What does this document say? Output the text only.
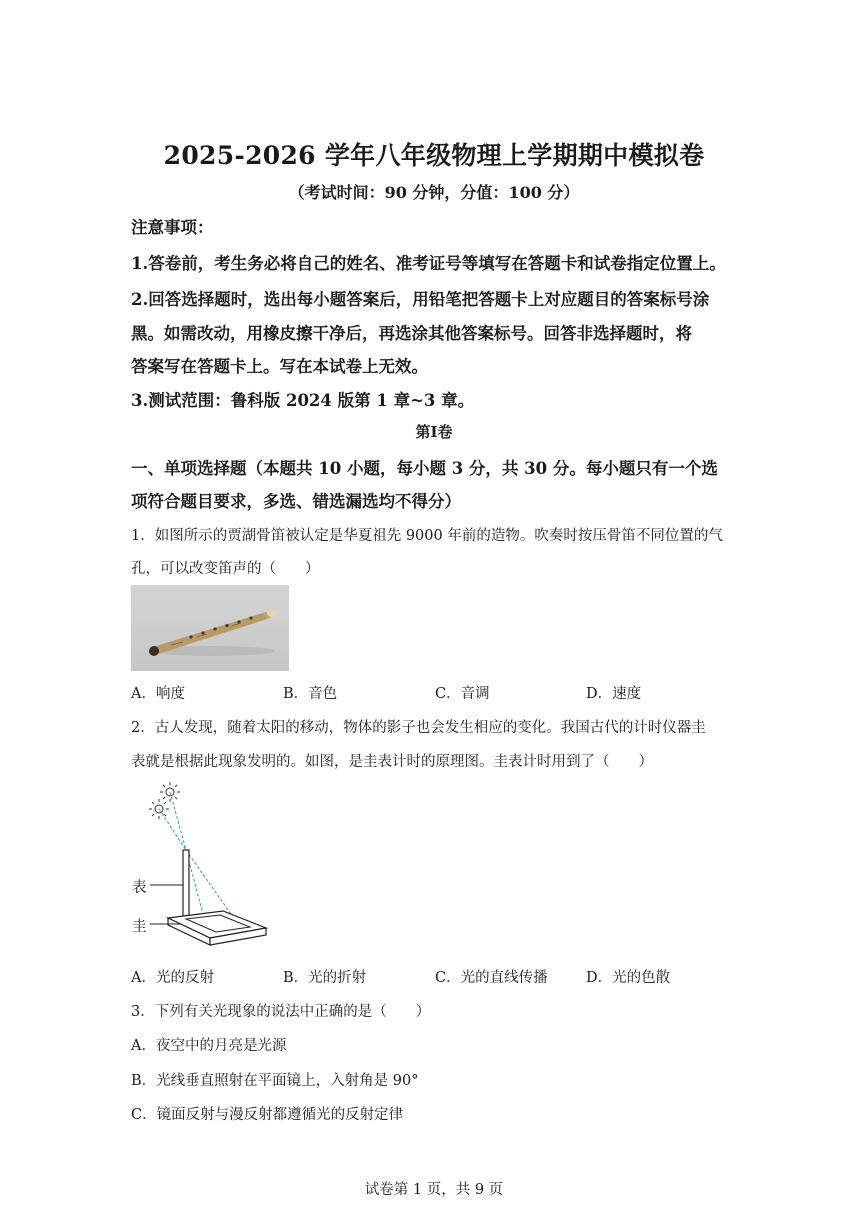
2025-2026 学年八年级物理上学期期中模拟卷
（考试时间：90 分钟，分值：100 分）
注意事项：
1.答卷前，考生务必将自己的姓名、准考证号等填写在答题卡和试卷指定位置上。
2.回答选择题时，选出每小题答案后，用铅笔把答题卡上对应题目的答案标号涂
黑。如需改动，用橡皮擦干净后，再选涂其他答案标号。回答非选择题时，将
答案写在答题卡上。写在本试卷上无效。
3.测试范围：鲁科版 2024 版第 1 章~3 章。
第I卷
一、单项选择题（本题共 10 小题，每小题 3 分，共 30 分。每小题只有一个选
项符合题目要求，多选、错选漏选均不得分）
1．如图所示的贾湖骨笛被认定是华夏祖先 9000 年前的造物。吹奏时按压骨笛不同位置的气
孔，可以改变笛声的（　　）
A．响度	B．音色	C．音调	D．速度
2．古人发现，随着太阳的移动，物体的影子也会发生相应的变化。我国古代的计时仪器圭
表就是根据此现象发明的。如图，是圭表计时的原理图。圭表计时用到了（　　）
表
圭
A．光的反射	B．光的折射	C．光的直线传播	D．光的色散
3．下列有关光现象的说法中正确的是（　　）
A．夜空中的月亮是光源
B．光线垂直照射在平面镜上，入射角是 90°
C．镜面反射与漫反射都遵循光的反射定律
试卷第 1 页，共 9 页
